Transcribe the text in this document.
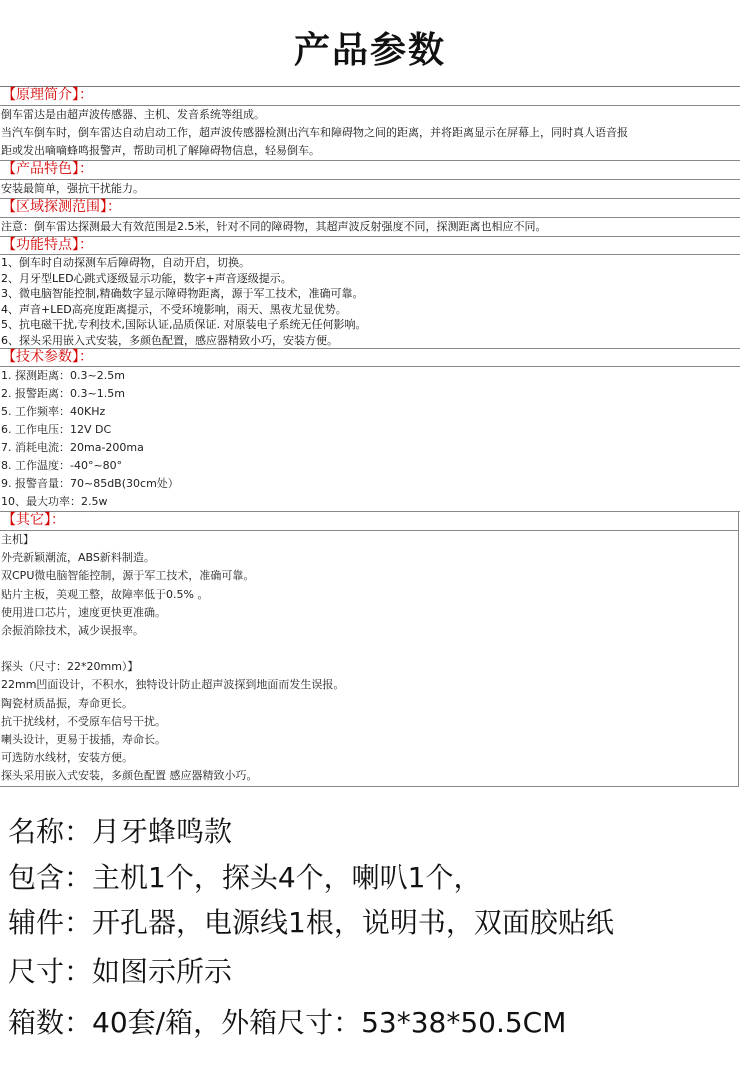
产品参数
【原理简介】：
倒车雷达是由超声波传感器、主机、发音系统等组成。
当汽车倒车时，倒车雷达自动启动工作，超声波传感器检测出汽车和障碍物之间的距离，并将距离显示在屏幕上，同时真人语音报
距或发出嘀嘀蜂鸣报警声，帮助司机了解障碍物信息，轻易倒车。
【产品特色】：
安装最简单，强抗干扰能力。
【区域探测范围】：
注意：倒车雷达探测最大有效范围是2.5米，针对不同的障碍物，其超声波反射强度不同，探测距离也相应不同。
【功能特点】：
1、倒车时自动探测车后障碍物，自动开启，切换。
2、月牙型LED心跳式逐级显示功能，数字+声音逐级提示。
3、微电脑智能控制,精确数字显示障碍物距离，源于军工技术，准确可靠。
4、声音+LED高亮度距离提示，不受环境影响，雨天、黑夜尤显优势。
5、抗电磁干扰,专利技术,国际认证,品质保证. 对原装电子系统无任何影响。
6、探头采用嵌入式安装，多颜色配置，感应器精致小巧，安装方便。
【技术参数】：
1. 探测距离：0.3~2.5m
2. 报警距离：0.3~1.5m
5. 工作频率：40KHz
6. 工作电压：12V DC
7. 消耗电流：20ma-200ma
8. 工作温度：-40°~80°
9. 报警音量：70~85dB(30cm处）
10、最大功率：2.5w
【其它】：
主机】
外壳新颖潮流，ABS新料制造。
双CPU微电脑智能控制，源于军工技术，准确可靠。
贴片主板，美观工整，故障率低于0.5% 。
使用进口芯片，速度更快更准确。
余振消除技术，减少误报率。
探头（尺寸：22*20mm）】
22mm凹面设计，不积水，独特设计防止超声波探到地面而发生误报。
陶瓷材质晶振，寿命更长。
抗干扰线材，不受原车信号干扰。
喇头设计，更易于拔插，寿命长。
可选防水线材，安装方便。
探头采用嵌入式安装，多颜色配置 感应器精致小巧。
名称：月牙蜂鸣款
包含：主机1个，探头4个，喇叭1个，
辅件：开孔器，电源线1根，说明书，双面胶贴纸
尺寸：如图示所示
箱数：40套/箱，外箱尺寸：53*38*50.5CM
